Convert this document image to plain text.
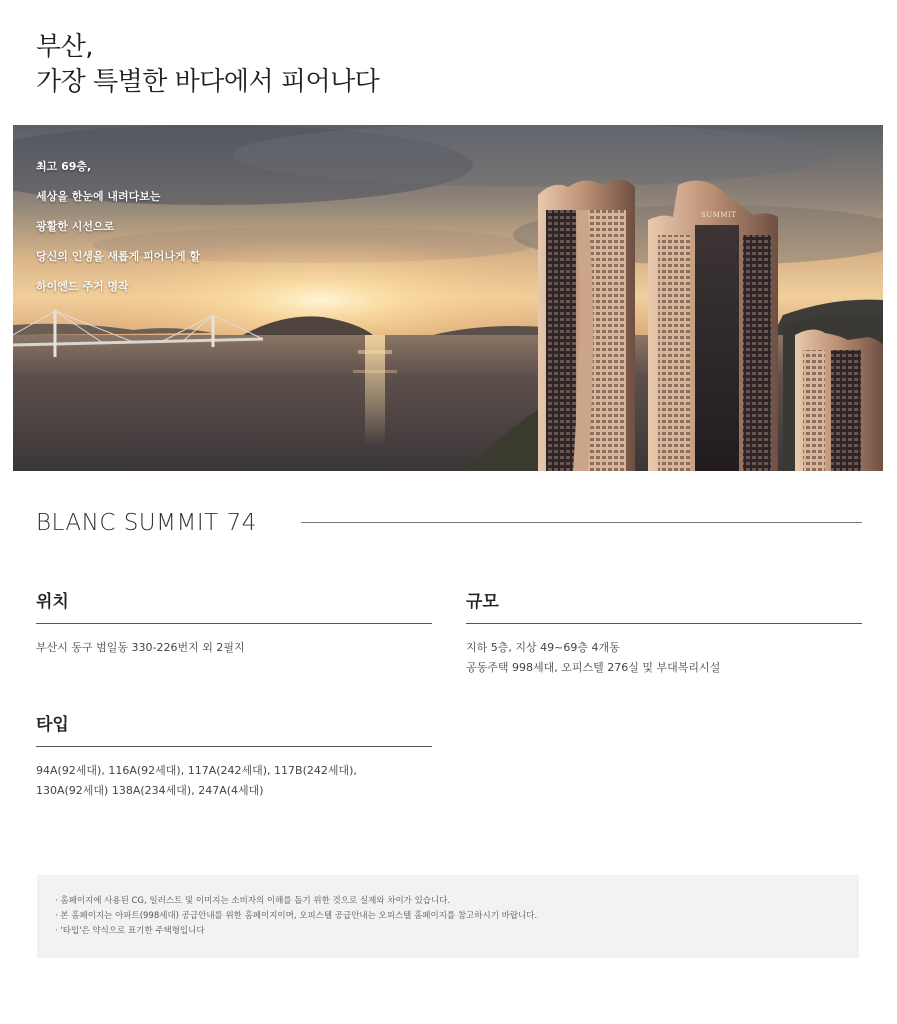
부산,
가장 특별한 바다에서 피어나다
SUMMIT
최고 69층,
세상을 한눈에 내려다보는
광활한 시선으로
당신의 인생을 새롭게 피어나게 할
하이엔드 주거 명작
BLANC SUMMIT 74
위치
부산시 동구 범일동 330-226번지 외 2필지
규모
지하 5층, 지상 49~69층 4개동
공동주택 998세대, 오피스텔 276실 및 부대복리시설
타입
94A(92세대), 116A(92세대), 117A(242세대), 117B(242세대),
130A(92세대) 138A(234세대), 247A(4세대)
· 홈페이지에 사용된 CG, 일러스트 및 이미지는 소비자의 이해를 돕기 위한 것으로 실제와 차이가 있습니다.
· 본 홈페이지는 아파트(998세대) 공급안내를 위한 홈페이지이며, 오피스텔 공급안내는 오피스텔 홈페이지를 참고하시기 바랍니다.
· '타입'은 약식으로 표기한 주택형입니다
